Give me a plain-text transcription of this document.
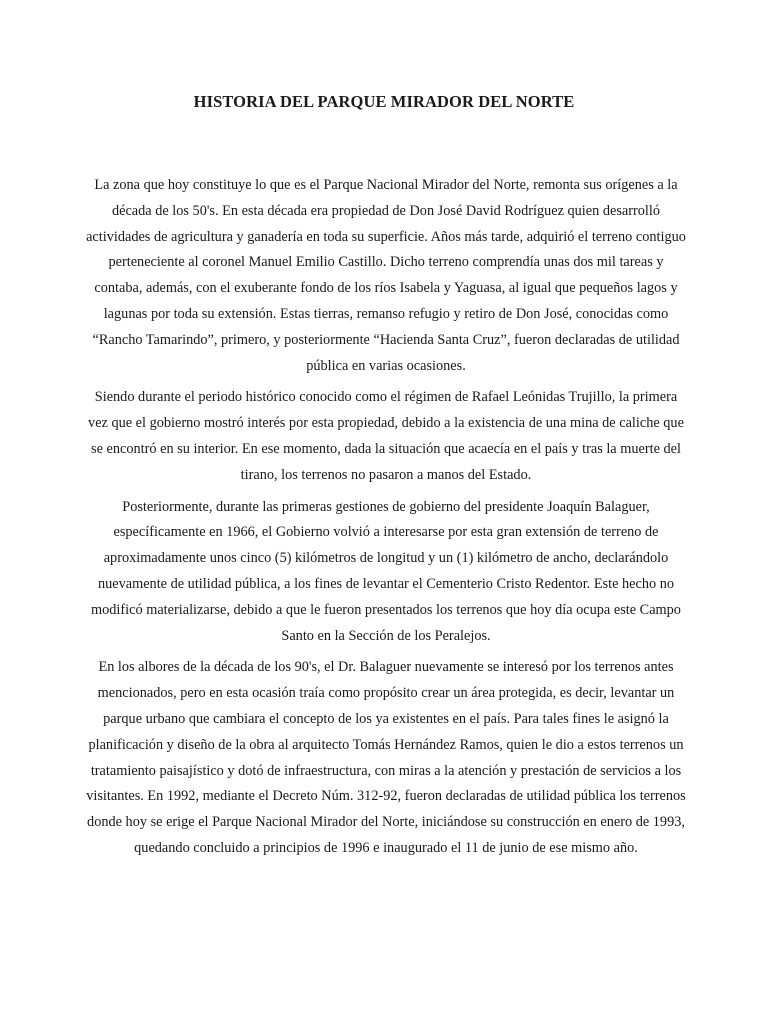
HISTORIA DEL PARQUE MIRADOR DEL NORTE

La zona que hoy constituye lo que es el Parque Nacional Mirador del Norte, remonta sus orígenes a la década de los 50's. En esta década era propiedad de Don José David Rodríguez quien desarrolló actividades de agricultura y ganadería en toda su superficie. Años más tarde, adquirió el terreno contiguo perteneciente al coronel Manuel Emilio Castillo. Dicho terreno comprendía unas dos mil tareas y contaba, además, con el exuberante fondo de los ríos Isabela y Yaguasa, al igual que pequeños lagos y lagunas por toda su extensión. Estas tierras, remanso refugio y retiro de Don José, conocidas como “Rancho Tamarindo”, primero, y posteriormente “Hacienda Santa Cruz”, fueron declaradas de utilidad pública en varias ocasiones.

Siendo durante el periodo histórico conocido como el régimen de Rafael Leónidas Trujillo, la primera vez que el gobierno mostró interés por esta propiedad, debido a la existencia de una mina de caliche que se encontró en su interior. En ese momento, dada la situación que acaecía en el país y tras la muerte del tirano, los terrenos no pasaron a manos del Estado.

Posteriormente, durante las primeras gestiones de gobierno del presidente Joaquín Balaguer, específicamente en 1966, el Gobierno volvió a interesarse por esta gran extensión de terreno de aproximadamente unos cinco (5) kilómetros de longitud y un (1) kilómetro de ancho, declarándolo nuevamente de utilidad pública, a los fines de levantar el Cementerio Cristo Redentor. Este hecho no modificó materializarse, debido a que le fueron presentados los terrenos que hoy día ocupa este Campo Santo en la Sección de los Peralejos.

En los albores de la década de los 90's, el Dr. Balaguer nuevamente se interesó por los terrenos antes mencionados, pero en esta ocasión traía como propósito crear un área protegida, es decir, levantar un parque urbano que cambiara el concepto de los ya existentes en el país. Para tales fines le asignó la planificación y diseño de la obra al arquitecto Tomás Hernández Ramos, quien le dio a estos terrenos un tratamiento paisajístico y dotó de infraestructura, con miras a la atención y prestación de servicios a los visitantes. En 1992, mediante el Decreto Núm. 312-92, fueron declaradas de utilidad pública los terrenos donde hoy se erige el Parque Nacional Mirador del Norte, iniciándose su construcción en enero de 1993, quedando concluido a principios de 1996 e inaugurado el 11 de junio de ese mismo año.
